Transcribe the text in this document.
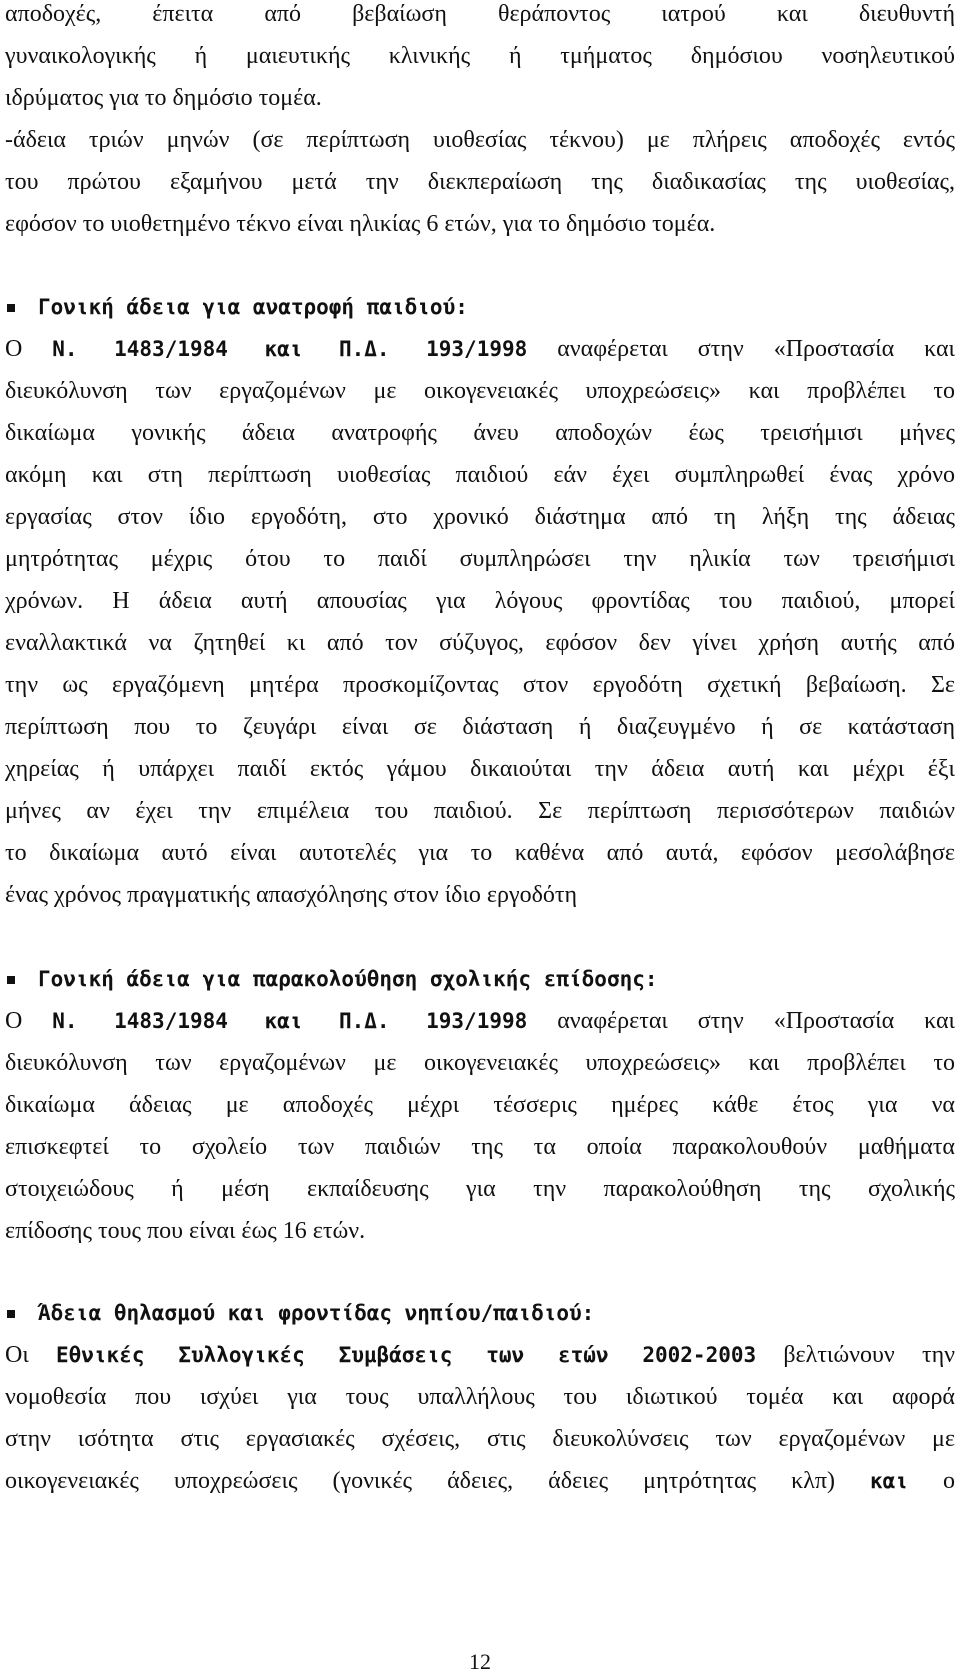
αποδοχές, έπειτα από βεβαίωση θεράποντος ιατρού και διευθυντή
γυναικολογικής ή μαιευτικής κλινικής ή τμήματος δημόσιου νοσηλευτικού
ιδρύματος για το δημόσιο τομέα.
-άδεια τριών μηνών (σε περίπτωση υιοθεσίας τέκνου) με πλήρεις αποδοχές εντός
του πρώτου εξαμήνου μετά την διεκπεραίωση της διαδικασίας της υιοθεσίας,
εφόσον το υιοθετημένο τέκνο είναι ηλικίας 6 ετών, για το δημόσιο τομέα.
Γονική άδεια για ανατροφή παιδιού:
Ο Ν. 1483/1984 και Π.Δ. 193/1998 αναφέρεται στην «Προστασία και
διευκόλυνση των εργαζομένων με οικογενειακές υποχρεώσεις» και προβλέπει το
δικαίωμα γονικής άδεια ανατροφής άνευ αποδοχών έως τρεισήμισι μήνες
ακόμη και στη περίπτωση υιοθεσίας παιδιού εάν έχει συμπληρωθεί ένας χρόνο
εργασίας στον ίδιο εργοδότη, στο χρονικό διάστημα από τη λήξη της άδειας
μητρότητας μέχρις ότου το παιδί συμπληρώσει την ηλικία των τρεισήμισι
χρόνων. Η άδεια αυτή απουσίας για λόγους φροντίδας του παιδιού, μπορεί
εναλλακτικά να ζητηθεί κι από τον σύζυγος, εφόσον δεν γίνει χρήση αυτής από
την ως εργαζόμενη μητέρα προσκομίζοντας στον εργοδότη σχετική βεβαίωση. Σε
περίπτωση που το ζευγάρι είναι σε διάσταση ή διαζευγμένο ή σε κατάσταση
χηρείας ή υπάρχει παιδί εκτός γάμου δικαιούται την άδεια αυτή και μέχρι έξι
μήνες αν έχει την επιμέλεια του παιδιού. Σε περίπτωση περισσότερων παιδιών
το δικαίωμα αυτό είναι αυτοτελές για το καθένα από αυτά, εφόσον μεσολάβησε
ένας χρόνος πραγματικής απασχόλησης στον ίδιο εργοδότη
Γονική άδεια για παρακολούθηση σχολικής επίδοσης:
Ο Ν. 1483/1984 και Π.Δ. 193/1998 αναφέρεται στην «Προστασία και
διευκόλυνση των εργαζομένων με οικογενειακές υποχρεώσεις» και προβλέπει το
δικαίωμα άδειας με αποδοχές μέχρι τέσσερις ημέρες κάθε έτος για να
επισκεφτεί το σχολείο των παιδιών της τα οποία παρακολουθούν μαθήματα
στοιχειώδους ή μέση εκπαίδευσης για την παρακολούθηση της σχολικής
επίδοσης τους που είναι έως 16 ετών.
Άδεια θηλασμού και φροντίδας νηπίου/παιδιού:
Οι Εθνικές Συλλογικές Συμβάσεις των ετών 2002-2003 βελτιώνουν την
νομοθεσία που ισχύει για τους υπαλλήλους του ιδιωτικού τομέα και αφορά
στην ισότητα στις εργασιακές σχέσεις, στις διευκολύνσεις των εργαζομένων με
οικογενειακές υποχρεώσεις (γονικές άδειες, άδειες μητρότητας κλπ) και ο
12
